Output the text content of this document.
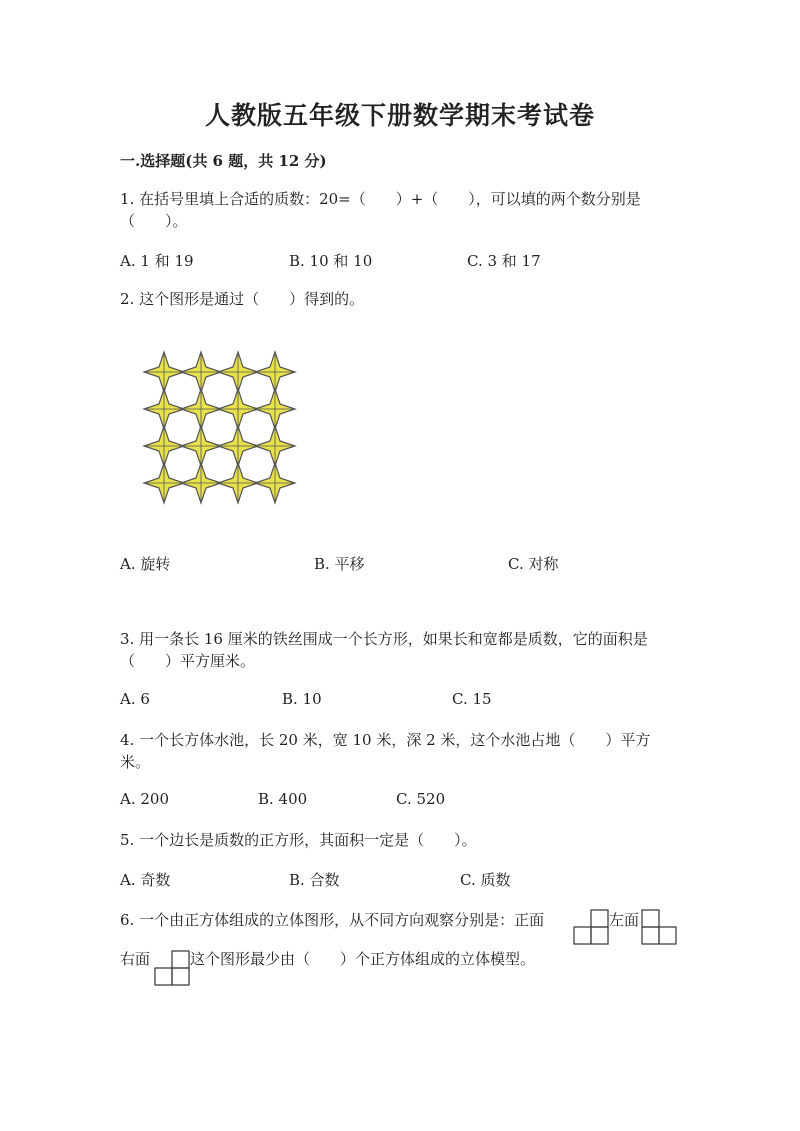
人教版五年级下册数学期末考试卷
一.选择题(共 6 题，共 12 分)
1. 在括号里填上合适的质数：20=（　　）+（　　），可以填的两个数分别是
（　　）。
A. 1 和 19	B. 10 和 10	C. 3 和 17
2. 这个图形是通过（　　）得到的。
A. 旋转	B. 平移	C. 对称
3. 用一条长 16 厘米的铁丝围成一个长方形，如果长和宽都是质数，它的面积是
（　　）平方厘米。
A. 6	B. 10	C. 15
4. 一个长方体水池，长 20 米，宽 10 米，深 2 米，这个水池占地（　　）平方
米。
A. 200	B. 400	C. 520
5. 一个边长是质数的正方形，其面积一定是（　　）。
A. 奇数	B. 合数	C. 质数
6. 一个由正方体组成的立体图形，从不同方向观察分别是：正面	左面
右面	这个图形最少由（　　）个正方体组成的立体模型。
